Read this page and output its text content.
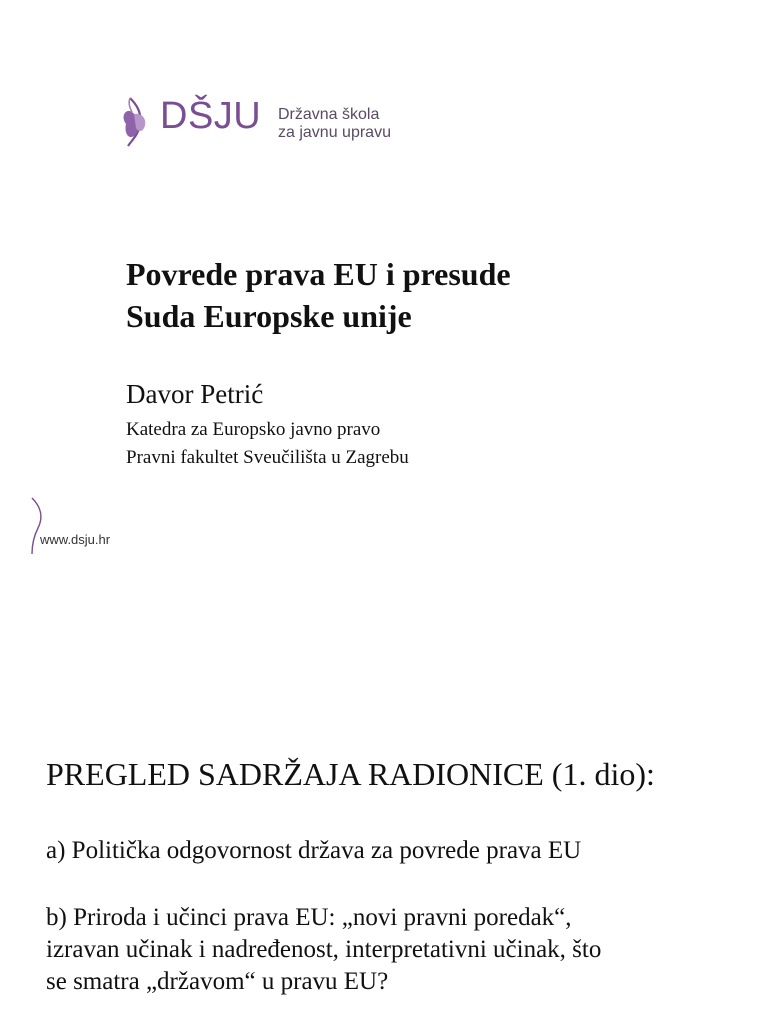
DŠJU Državna škola
za javnu upravu
Povrede prava EU i presude
Suda Europske unije
Davor Petrić
Katedra za Europsko javno pravo
Pravni fakultet Sveučilišta u Zagrebu
www.dsju.hr
PREGLED SADRŽAJA RADIONICE (1. dio):
a) Politička odgovornost država za povrede prava EU
b) Priroda i učinci prava EU: „novi pravni poredak“,
izravan učinak i nadređenost, interpretativni učinak, što
se smatra „državom“ u pravu EU?
